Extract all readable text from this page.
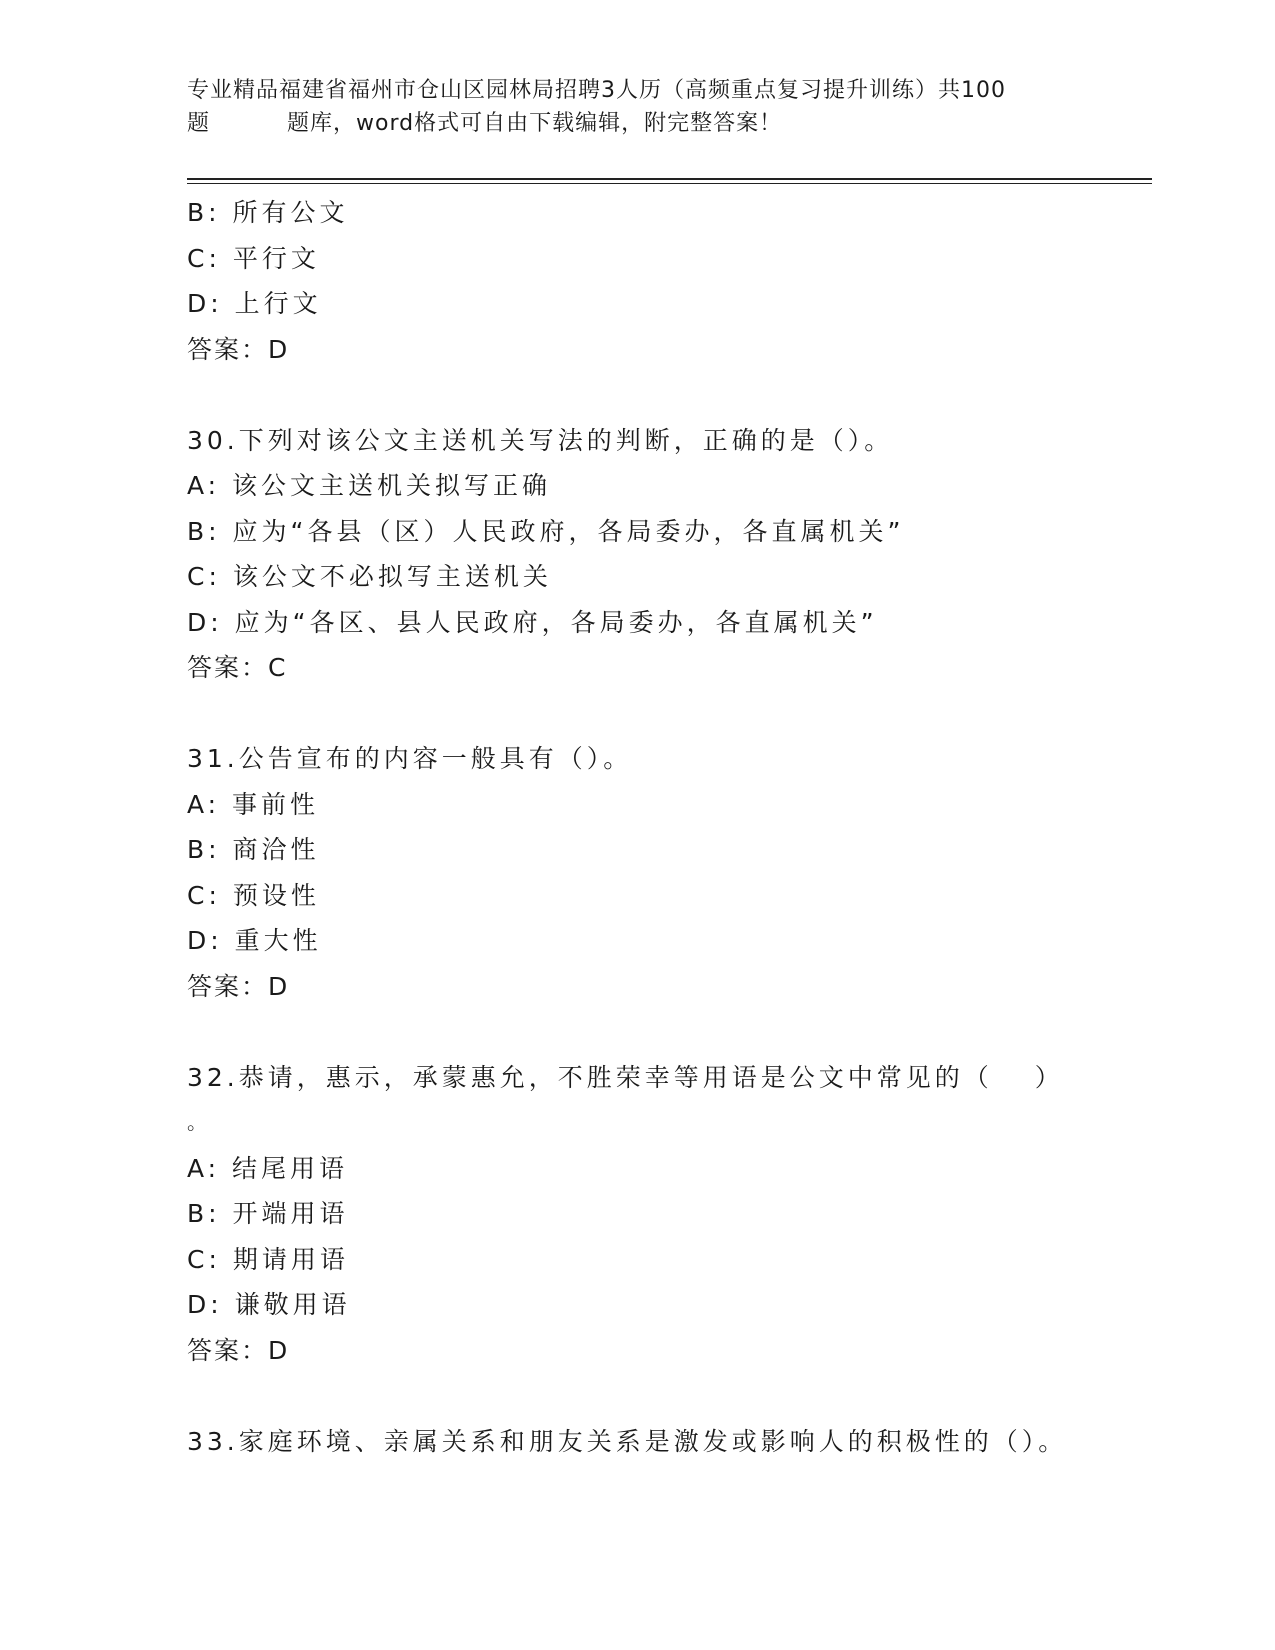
专业精品福建省福州市仓山区园林局招聘3人历（高频重点复习提升训练）共100
题	题库，word格式可自由下载编辑，附完整答案！
B: 所有公文
C: 平行文
D: 上行文
答案：D
30.下列对该公文主送机关写法的判断，正确的是（）。
A: 该公文主送机关拟写正确
B: 应为“各县（区）人民政府，各局委办，各直属机关”
C: 该公文不必拟写主送机关
D: 应为“各区、县人民政府，各局委办，各直属机关”
答案：C
31.公告宣布的内容一般具有（）。
A: 事前性
B: 商洽性
C: 预设性
D: 重大性
答案：D
32.恭请，惠示，承蒙惠允，不胜荣幸等用语是公文中常见的（ ）
。
A: 结尾用语
B: 开端用语
C: 期请用语
D: 谦敬用语
答案：D
33.家庭环境、亲属关系和朋友关系是激发或影响人的积极性的（）。
